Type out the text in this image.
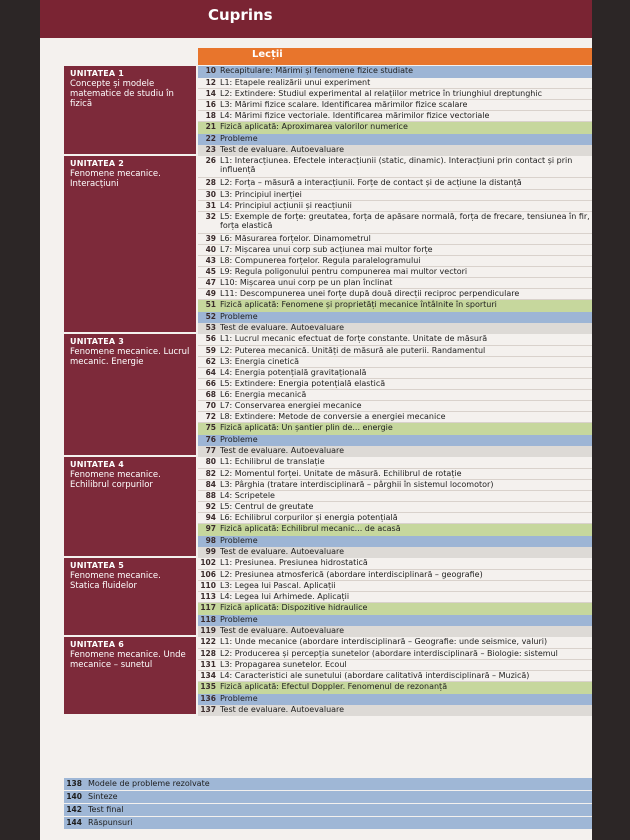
Cuprins
Lecții
UNITATEA 1
Concepte și modele matematice de studiu în fizică
UNITATEA 2
Fenomene mecanice. Interacțiuni
UNITATEA 3
Fenomene mecanice. Lucrul mecanic. Energie
UNITATEA 4
Fenomene mecanice. Echilibrul corpurilor
UNITATEA 5
Fenomene mecanice. Statica fluidelor
UNITATEA 6
Fenomene mecanice. Unde mecanice – sunetul
10 Recapitulare: Mărimi și fenomene fizice studiate
12 L1: Etapele realizării unui experiment
14 L2: Extindere: Studiul experimental al relațiilor metrice în triunghiul dreptunghic
16 L3: Mărimi fizice scalare. Identificarea mărimilor fizice scalare
18 L4: Mărimi fizice vectoriale. Identificarea mărimilor fizice vectoriale
21 Fizică aplicată: Aproximarea valorilor numerice
22 Probleme
23 Test de evaluare. Autoevaluare
26 L1: Interacțiunea. Efectele interacțiunii (static, dinamic). Interacțiuni prin contact și prin influență
28 L2: Forța – măsură a interacțiunii. Forțe de contact și de acțiune la distanță
30 L3: Principiul inerției
31 L4: Principiul acțiunii și reacțiunii
32 L5: Exemple de forțe: greutatea, forța de apăsare normală, forța de frecare, tensiunea în fir, forța elastică
39 L6: Măsurarea forțelor. Dinamometrul
40 L7: Mișcarea unui corp sub acțiunea mai multor forțe
43 L8: Compunerea forțelor. Regula paralelogramului
45 L9: Regula poligonului pentru compunerea mai multor vectori
47 L10: Mișcarea unui corp pe un plan înclinat
49 L11: Descompunerea unei forțe după două direcții reciproc perpendiculare
51 Fizică aplicată: Fenomene și proprietăți mecanice întâlnite în sporturi
52 Probleme
53 Test de evaluare. Autoevaluare
56 L1: Lucrul mecanic efectuat de forțe constante. Unitate de măsură
59 L2: Puterea mecanică. Unități de măsură ale puterii. Randamentul
62 L3: Energia cinetică
64 L4: Energia potențială gravitațională
66 L5: Extindere: Energia potențială elastică
68 L6: Energia mecanică
70 L7: Conservarea energiei mecanice
72 L8: Extindere: Metode de conversie a energiei mecanice
75 Fizică aplicată: Un șantier plin de... energie
76 Probleme
77 Test de evaluare. Autoevaluare
80 L1: Echilibrul de translație
82 L2: Momentul forței. Unitate de măsură. Echilibrul de rotație
84 L3: Pârghia (tratare interdisciplinară – pârghii în sistemul locomotor)
88 L4: Scripetele
92 L5: Centrul de greutate
94 L6: Echilibrul corpurilor și energia potențială
97 Fizică aplicată: Echilibrul mecanic... de acasă
98 Probleme
99 Test de evaluare. Autoevaluare
102 L1: Presiunea. Presiunea hidrostatică
106 L2: Presiunea atmosferică (abordare interdisciplinară – geografie)
110 L3: Legea lui Pascal. Aplicații
113 L4: Legea lui Arhimede. Aplicații
117 Fizică aplicată: Dispozitive hidraulice
118 Probleme
119 Test de evaluare. Autoevaluare
122 L1: Unde mecanice (abordare interdisciplinară – Geografie: unde seismice, valuri)
128 L2: Producerea și percepția sunetelor (abordare interdisciplinară – Biologie: sistemul
131 L3: Propagarea sunetelor. Ecoul
134 L4: Caracteristici ale sunetului (abordare calitativă interdisciplinară – Muzică)
135 Fizică aplicată: Efectul Doppler. Fenomenul de rezonanță
136 Probleme
137 Test de evaluare. Autoevaluare
138 Modele de probleme rezolvate
140 Sinteze
142 Test final
144 Răspunsuri
